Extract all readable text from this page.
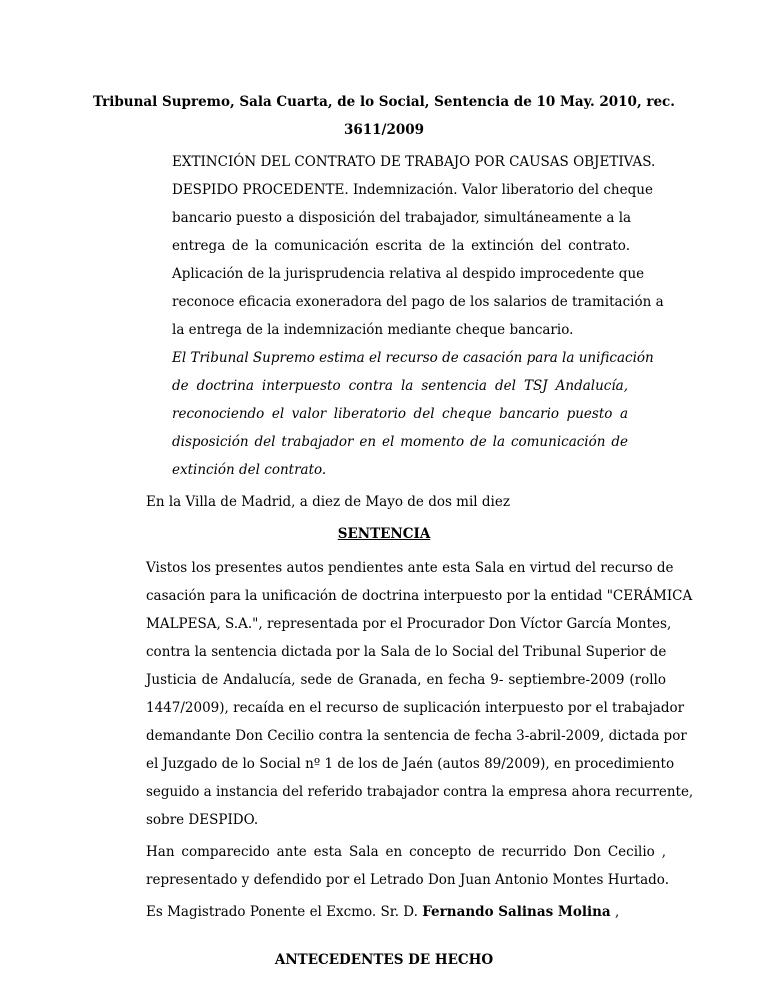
Tribunal Supremo, Sala Cuarta, de lo Social, Sentencia de 10 May. 2010, rec.
3611/2009
EXTINCIÓN DEL CONTRATO DE TRABAJO POR CAUSAS OBJETIVAS.
DESPIDO PROCEDENTE. Indemnización. Valor liberatorio del cheque
bancario puesto a disposición del trabajador, simultáneamente a la
entrega de la comunicación escrita de la extinción del contrato.
Aplicación de la jurisprudencia relativa al despido improcedente que
reconoce eficacia exoneradora del pago de los salarios de tramitación a
la entrega de la indemnización mediante cheque bancario.
El Tribunal Supremo estima el recurso de casación para la unificación
de doctrina interpuesto contra la sentencia del TSJ Andalucía,
reconociendo el valor liberatorio del cheque bancario puesto a
disposición del trabajador en el momento de la comunicación de
extinción del contrato.
En la Villa de Madrid, a diez de Mayo de dos mil diez
SENTENCIA
Vistos los presentes autos pendientes ante esta Sala en virtud del recurso de
casación para la unificación de doctrina interpuesto por la entidad "CERÁMICA
MALPESA, S.A.", representada por el Procurador Don Víctor García Montes,
contra la sentencia dictada por la Sala de lo Social del Tribunal Superior de
Justicia de Andalucía, sede de Granada, en fecha 9- septiembre-2009 (rollo
1447/2009), recaída en el recurso de suplicación interpuesto por el trabajador
demandante Don Cecilio contra la sentencia de fecha 3-abril-2009, dictada por
el Juzgado de lo Social nº 1 de los de Jaén (autos 89/2009), en procedimiento
seguido a instancia del referido trabajador contra la empresa ahora recurrente,
sobre DESPIDO.
Han comparecido ante esta Sala en concepto de recurrido Don Cecilio ,
representado y defendido por el Letrado Don Juan Antonio Montes Hurtado.
Es Magistrado Ponente el Excmo. Sr. D. Fernando Salinas Molina ,
ANTECEDENTES DE HECHO
